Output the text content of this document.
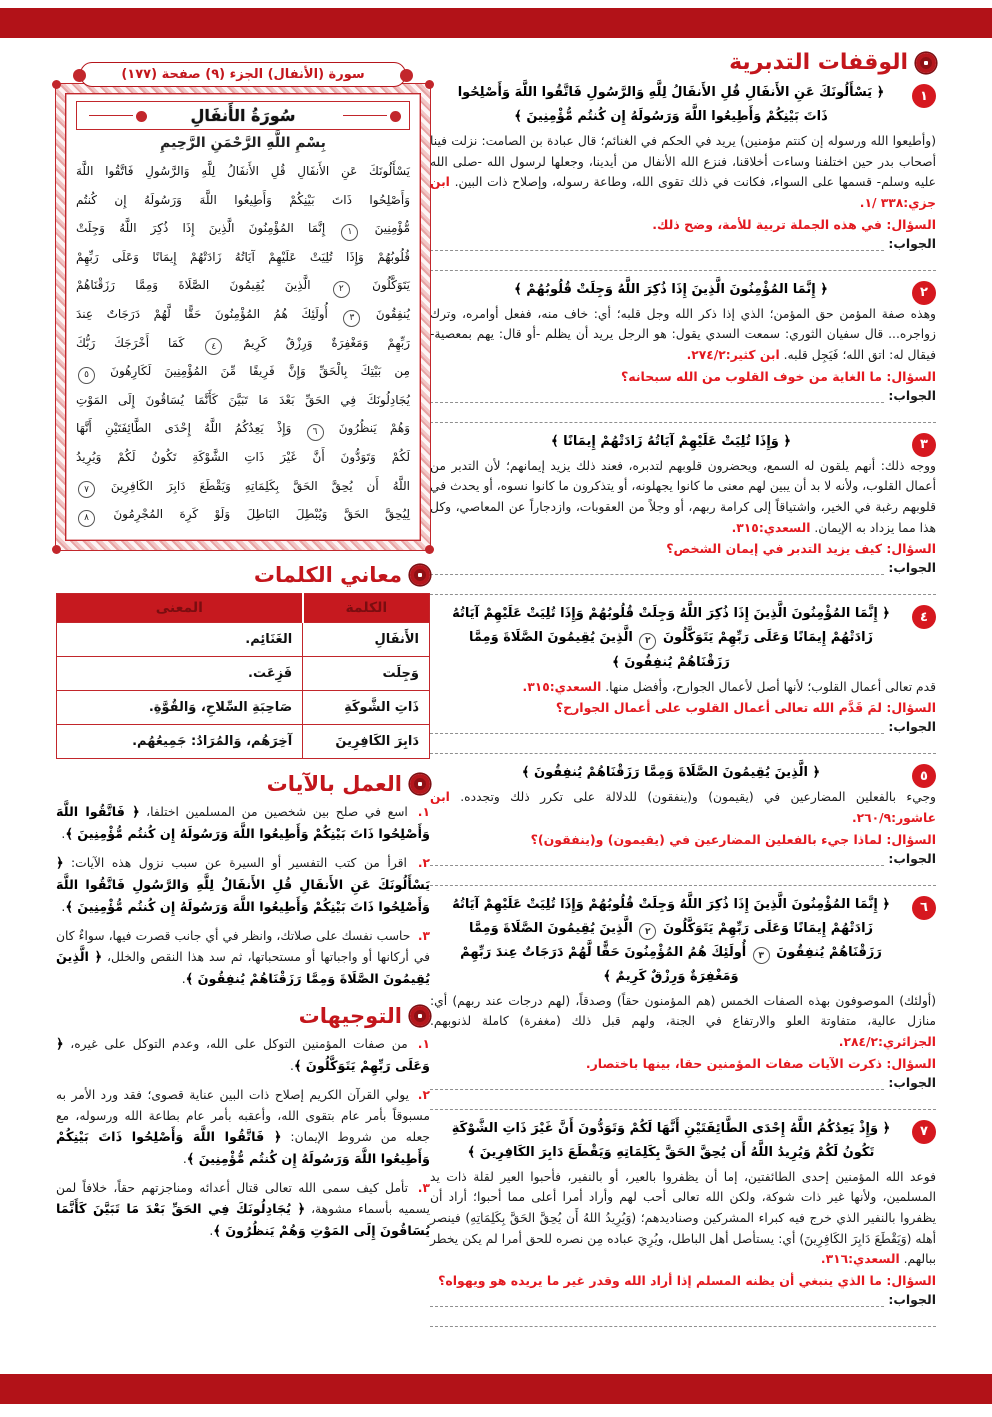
الوقفات التدبرية
١
﴿ يَسْأَلُونَكَ عَنِ الأَنفَالِ قُلِ الأَنفَالُ لِلَّهِ وَالرَّسُولِ فَاتَّقُوا اللَّهَ وَأَصْلِحُوا ذَاتَ بَيْنِكُمْ وَأَطِيعُوا اللَّهَ وَرَسُولَهُ إِن كُنتُم مُّؤْمِنِينَ ﴾
(وأطيعوا الله ورسوله إن كنتم مؤمنين) يريد في الحكم في الغنائم؛ قال عبادة بن الصامت: نزلت فينا أصحاب بدر حين اختلفنا وساءت أخلاقنا، فنزع الله الأنفال من أيدينا، وجعلها لرسول الله -صلى الله عليه وسلم- قسمها على السواء، فكانت في ذلك تقوى الله، وطاعة رسوله، وإصلاح ذات البين. ابن جزي:٣٣٨ /١.
السؤال: في هذه الجملة تربية للأمة، وضح ذلك.
الجواب:
٢
﴿ إِنَّمَا المُؤْمِنُونَ الَّذِينَ إِذَا ذُكِرَ اللَّهُ وَجِلَتْ قُلُوبُهُمْ ﴾
وهذه صفة المؤمن حق المؤمن؛ الذي إذا ذكر الله وجل قلبه؛ أي: خاف منه، ففعل أوامره، وترك زواجره... قال سفيان الثوري: سمعت السدي يقول: هو الرجل يريد أن يظلم -أو قال: يهم بمعصية- فيقال له: اتق الله؛ فَيَجِل قلبه. ابن كثير:٢٧٤/٢.
السؤال: ما الغاية من خوف القلوب من الله سبحانه؟
الجواب:
٣
﴿ وَإِذَا تُلِيَتْ عَلَيْهِمْ آيَاتُهُ زَادَتْهُمْ إِيمَانًا ﴾
ووجه ذلك: أنهم يلقون له السمع، ويحضرون قلوبهم لتدبره، فعند ذلك يزيد إيمانهم؛ لأن التدبر من أعمال القلوب، ولأنه لا بد أن يبين لهم معنى ما كانوا يجهلونه، أو يتذكرون ما كانوا نسوه، أو يحدث في قلوبهم رغبة في الخير، واشتياقاً إلى كرامة ربهم، أو وجلاً من العقوبات، وازدجاراً عن المعاصي، وكل هذا مما يزداد به الإيمان. السعدي:٣١٥.
السؤال: كيف يزيد التدبر في إيمان الشخص؟
الجواب:
٤
﴿ إِنَّمَا المُؤْمِنُونَ الَّذِينَ إِذَا ذُكِرَ اللَّهُ وَجِلَتْ قُلُوبُهُمْ وَإِذَا تُلِيَتْ عَلَيْهِمْ آيَاتُهُ زَادَتْهُمْ إِيمَانًا وَعَلَى رَبِّهِمْ يَتَوَكَّلُونَ ٢ الَّذِينَ يُقِيمُونَ الصَّلَاةَ وَمِمَّا رَزَقْنَاهُمْ يُنفِقُونَ ﴾
قدم تعالى أعمال القلوب؛ لأنها أصل لأعمال الجوارح، وأفضل منها. السعدي:٣١٥.
السؤال: لمَ قَدَّم الله تعالى أعمال القلوب على أعمال الجوارح؟
الجواب:
٥
﴿ الَّذِينَ يُقِيمُونَ الصَّلَاةَ وَمِمَّا رَزَقْنَاهُمْ يُنفِقُونَ ﴾
وجيء بالفعلين المضارعين في (يقيمون) و(ينفقون) للدلالة على تكرر ذلك وتجدده. ابن عاشور:٢٦٠/٩.
السؤال: لماذا جيء بالفعلين المضارعين في (يقيمون) و(ينفقون)؟
الجواب:
٦
﴿ إِنَّمَا المُؤْمِنُونَ الَّذِينَ إِذَا ذُكِرَ اللَّهُ وَجِلَتْ قُلُوبُهُمْ وَإِذَا تُلِيَتْ عَلَيْهِمْ آيَاتُهُ زَادَتْهُمْ إِيمَانًا وَعَلَى رَبِّهِمْ يَتَوَكَّلُونَ ٢ الَّذِينَ يُقِيمُونَ الصَّلَاةَ وَمِمَّا رَزَقْنَاهُمْ يُنفِقُونَ ٣ أُولَئِكَ هُمُ المُؤْمِنُونَ حَقًّا لَّهُمْ دَرَجَاتٌ عِندَ رَبِّهِمْ وَمَغْفِرَةٌ وَرِزْقٌ كَرِيمٌ ﴾
(أولئك) الموصوفون بهذه الصفات الخمس (هم المؤمنون حقاً) وصدقاً، (لهم درجات عند ربهم) أي: منازل عالية، متفاوتة العلو والارتفاع في الجنة، ولهم قبل ذلك (مغفرة) كاملة لذنوبهم. الجزائري:٢٨٤/٢.
السؤال: ذكرت الآيات صفات المؤمنين حقا، بينها باختصار.
الجواب:
٧
﴿ وَإِذْ يَعِدُكُمُ اللَّهُ إِحْدَى الطَّائِفَتَيْنِ أَنَّهَا لَكُمْ وَتَوَدُّونَ أَنَّ غَيْرَ ذَاتِ الشَّوْكَةِ تَكُونُ لَكُمْ وَيُرِيدُ اللَّهُ أَن يُحِقَّ الحَقَّ بِكَلِمَاتِهِ وَيَقْطَعَ دَابِرَ الكَافِرِينَ ﴾
فوعد الله المؤمنين إحدى الطائفتين، إما أن يظفروا بالعير، أو بالنفير، فأحبوا العير لقلة ذات يد المسلمين، ولأنها غير ذات شوكة، ولكن الله تعالى أحب لهم وأراد أمرا أعلى مما أحبوا؛ أراد أن يظفروا بالنفير الذي خرج فيه كبراء المشركين وصناديدهم؛ (وَيُرِيدُ اللهُ أَن يُحِقَّ الحَقَّ بِكَلِمَاتِهِ) فينصر أهله (وَيَقْطَعَ دَابِرَ الكَافِرِينَ) أي: يستأصل أهل الباطل، ويُرِيَ عباده مِن نصره للحق أمرا لم يكن يخطر ببالهم. السعدي:٣١٦.
السؤال: ما الذي ينبغي أن يظنه المسلم إذا أراد الله وقدر غير ما يريده هو ويهواه؟
الجواب:
سورة (الأنفال) الجزء (٩) صفحة (١٧٧)
سُورَةُ الأَنفَالِ
بِسْمِ اللَّهِ الرَّحْمَنِ الرَّحِيمِ
يَسْأَلُونَكَ عَنِ الأَنفَالِ قُلِ الأَنفَالُ لِلَّهِ وَالرَّسُولِ فَاتَّقُوا اللَّهَ
وَأَصْلِحُوا ذَاتَ بَيْنِكُمْ وَأَطِيعُوا اللَّهَ وَرَسُولَهُ إِن كُنتُم
مُّؤْمِنِينَ ١ إِنَّمَا المُؤْمِنُونَ الَّذِينَ إِذَا ذُكِرَ اللَّهُ وَجِلَتْ
قُلُوبُهُمْ وَإِذَا تُلِيَتْ عَلَيْهِمْ آيَاتُهُ زَادَتْهُمْ إِيمَانًا وَعَلَى رَبِّهِمْ
يَتَوَكَّلُونَ ٢ الَّذِينَ يُقِيمُونَ الصَّلَاةَ وَمِمَّا رَزَقْنَاهُمْ
يُنفِقُونَ ٣ أُولَئِكَ هُمُ المُؤْمِنُونَ حَقًّا لَّهُمْ دَرَجَاتٌ عِندَ
رَبِّهِمْ وَمَغْفِرَةٌ وَرِزْقٌ كَرِيمٌ ٤ كَمَا أَخْرَجَكَ رَبُّكَ
مِن بَيْتِكَ بِالْحَقِّ وَإِنَّ فَرِيقًا مِّنَ المُؤْمِنِينَ لَكَارِهُونَ ٥
يُجَادِلُونَكَ فِي الحَقِّ بَعْدَ مَا تَبَيَّنَ كَأَنَّمَا يُسَاقُونَ إِلَى المَوْتِ
وَهُمْ يَنظُرُونَ ٦ وَإِذْ يَعِدُكُمُ اللَّهُ إِحْدَى الطَّائِفَتَيْنِ أَنَّهَا
لَكُمْ وَتَوَدُّونَ أَنَّ غَيْرَ ذَاتِ الشَّوْكَةِ تَكُونُ لَكُمْ وَيُرِيدُ
اللَّهُ أَن يُحِقَّ الحَقَّ بِكَلِمَاتِهِ وَيَقْطَعَ دَابِرَ الكَافِرِينَ ٧
لِيُحِقَّ الحَقَّ وَيُبْطِلَ البَاطِلَ وَلَوْ كَرِهَ المُجْرِمُونَ ٨
معاني الكلمات
الكلمة	المعنى
الأَنفَالِ	الغَنَائِم.
وَجِلَت	فَزِعَت.
ذَاتِ الشَّوكَةِ	صَاحِبَةِ السِّلاحِ، وَالقُوَّةِ.
دَابِرَ الكَافِرِينَ	آخِرَهُم، وَالمُرَادُ: جَمِيعُهُم.
العمل بالآيات
١. اسع في صلح بين شخصين من المسلمين اختلفا، ﴿ فَاتَّقُوا اللَّهَ وَأَصْلِحُوا ذَاتَ بَيْنِكُمْ وَأَطِيعُوا اللَّهَ وَرَسُولَهُ إِن كُنتُم مُّؤْمِنِينَ ﴾.
٢. اقرأ من كتب التفسير أو السيرة عن سبب نزول هذه الآيات: ﴿ يَسْأَلُونَكَ عَنِ الأَنفَالِ قُلِ الأَنفَالُ لِلَّهِ وَالرَّسُولِ فَاتَّقُوا اللَّهَ وَأَصْلِحُوا ذَاتَ بَيْنِكُمْ وَأَطِيعُوا اللَّهَ وَرَسُولَهُ إِن كُنتُم مُّؤْمِنِينَ ﴾.
٣. حاسب نفسك على صلاتك، وانظر في أي جانب قصرت فيها، سواءٌ كان في أركانها أو واجباتها أو مستحباتها، ثم سد هذا النقص والخلل، ﴿ الَّذِينَ يُقِيمُونَ الصَّلَاةَ وَمِمَّا رَزَقْنَاهُمْ يُنفِقُونَ ﴾.
التوجيهات
١. من صفات المؤمنين التوكل على الله، وعدم التوكل على غيره، ﴿ وَعَلَى رَبِّهِمْ يَتَوَكَّلُونَ ﴾.
٢. يولي القرآن الكريم إصلاح ذات البين عناية قصوى؛ فقد ورد الأمر به مسبوقاً بأمر عام بتقوى الله، وأعقبه بأمر عام بطاعة الله ورسوله، مع جعله من شروط الإيمان: ﴿ فَاتَّقُوا اللَّهَ وَأَصْلِحُوا ذَاتَ بَيْنِكُمْ وَأَطِيعُوا اللَّهَ وَرَسُولَهُ إِن كُنتُم مُّؤْمِنِينَ ﴾.
٣. تأمل كيف سمى الله تعالى قتال أعدائه ومناجزتهم حقاً، خلافاً لمن يسميه بأسماء مشوهة، ﴿ يُجَادِلُونَكَ فِي الحَقِّ بَعْدَ مَا تَبَيَّنَ كَأَنَّمَا يُسَاقُونَ إِلَى المَوْتِ وَهُمْ يَنظُرُونَ ﴾.
